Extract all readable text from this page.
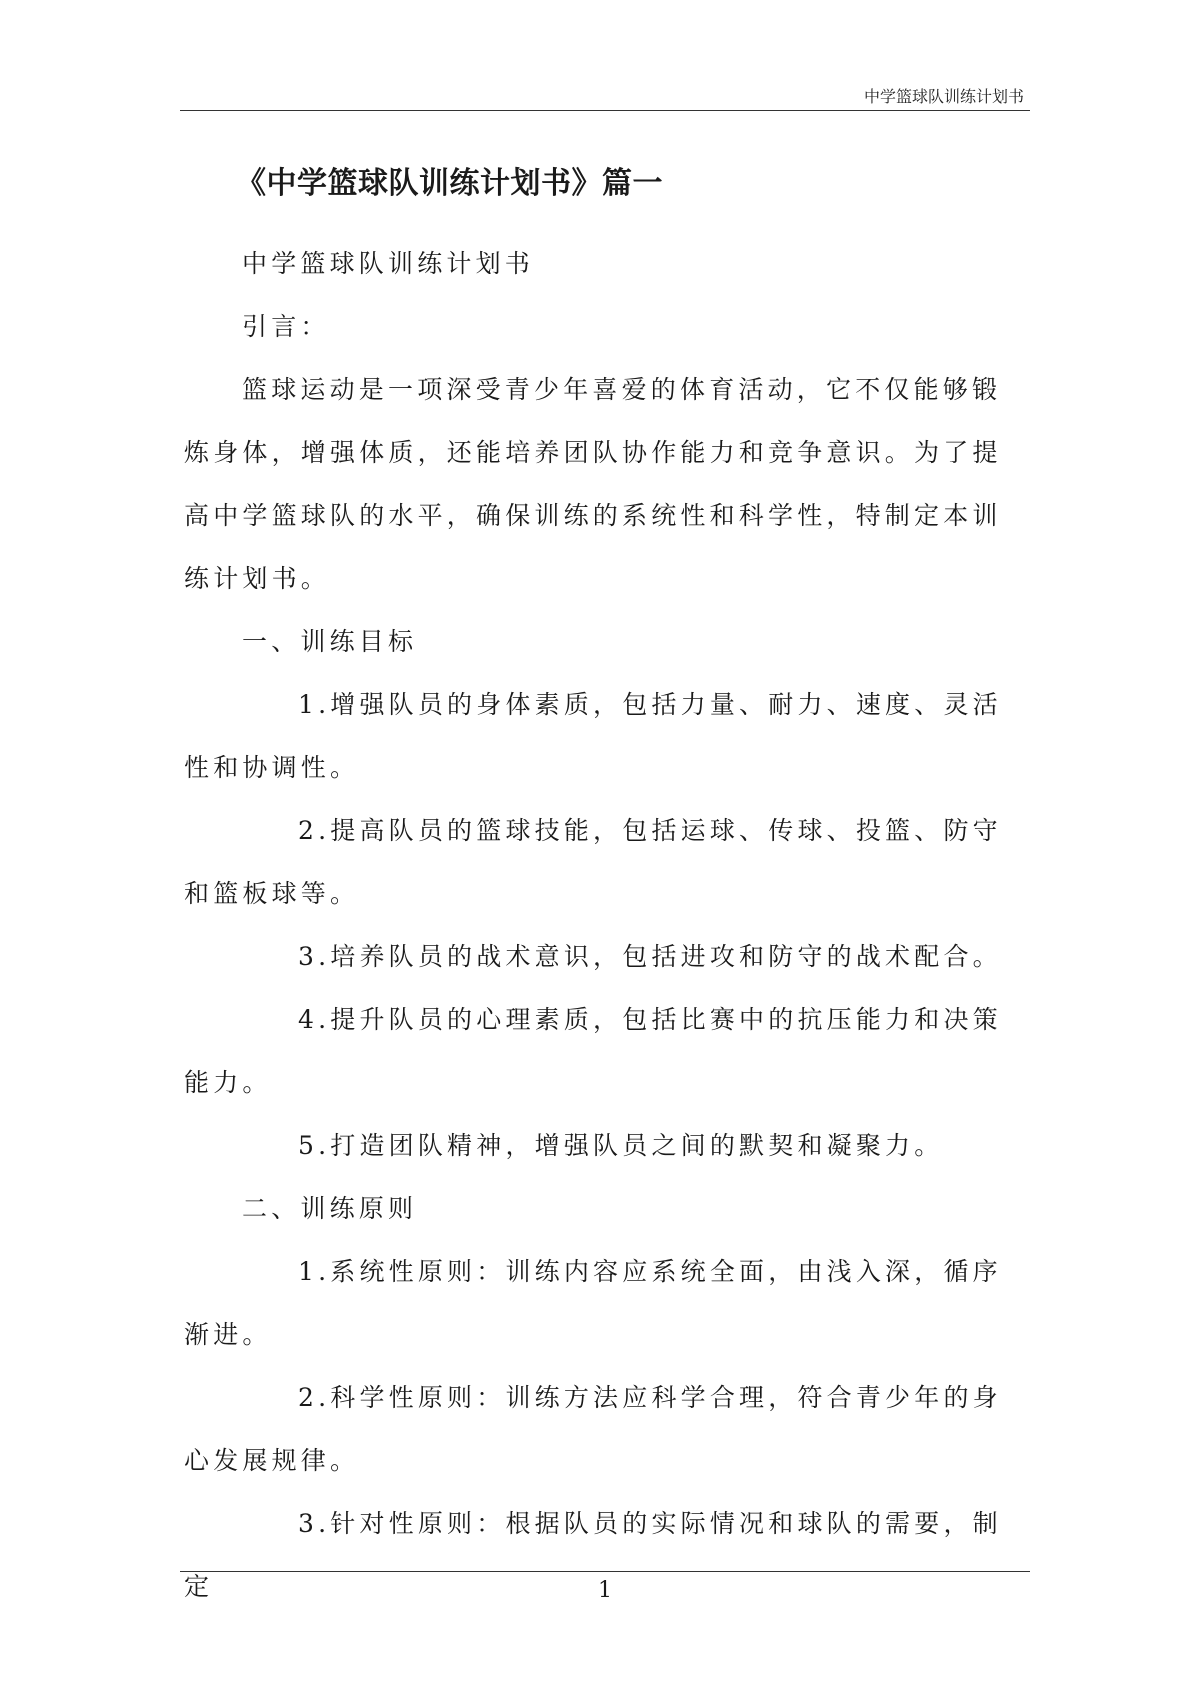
中学篮球队训练计划书
《中学篮球队训练计划书》篇一

中学篮球队训练计划书

引言：

篮球运动是一项深受青少年喜爱的体育活动，它不仅能够锻炼身体，增强体质，还能培养团队协作能力和竞争意识。为了提高中学篮球队的水平，确保训练的系统性和科学性，特制定本训练计划书。

一、训练目标

1.增强队员的身体素质，包括力量、耐力、速度、灵活性和协调性。

2.提高队员的篮球技能，包括运球、传球、投篮、防守和篮板球等。

3.培养队员的战术意识，包括进攻和防守的战术配合。

4.提升队员的心理素质，包括比赛中的抗压能力和决策能力。

5.打造团队精神，增强队员之间的默契和凝聚力。

二、训练原则

1.系统性原则：训练内容应系统全面，由浅入深，循序渐进。

2.科学性原则：训练方法应科学合理，符合青少年的身心发展规律。

3.针对性原则：根据队员的实际情况和球队的需要，制定	1
